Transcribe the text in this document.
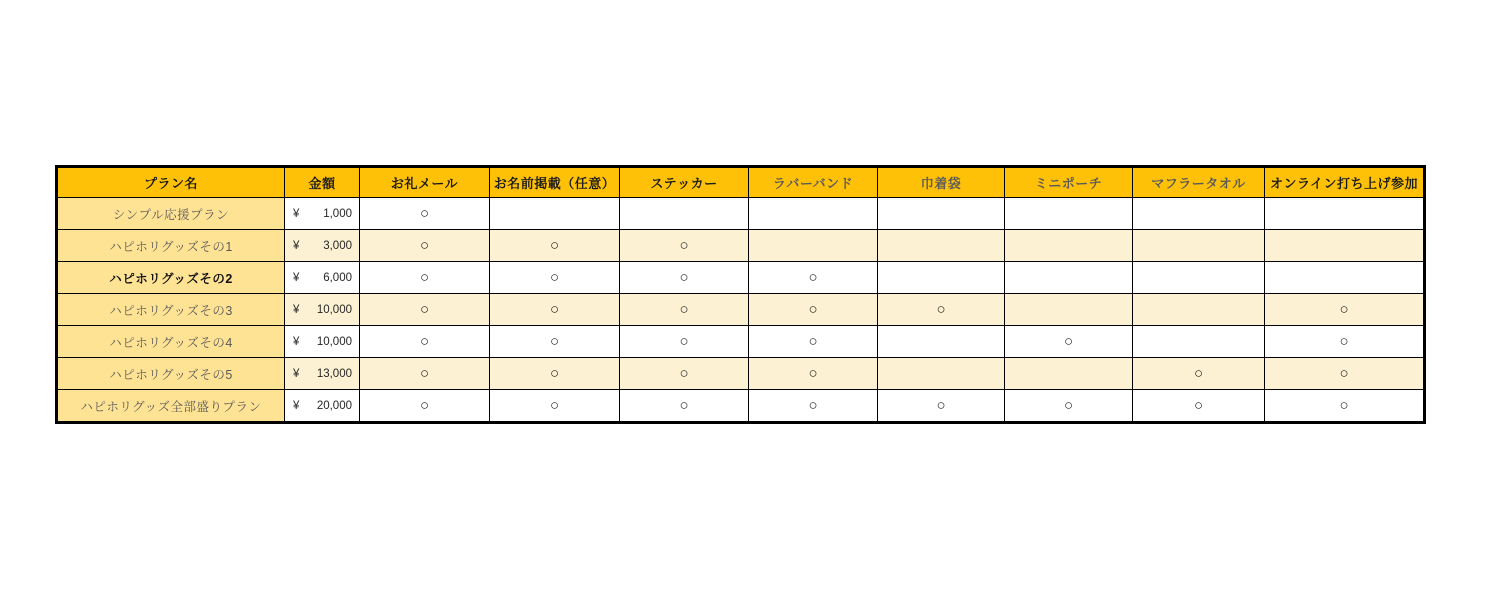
プラン名	金額	お礼メール	お名前掲載（任意）	ステッカー	ラバーバンド	巾着袋	ミニポーチ	マフラータオル	オンライン打ち上げ参加
シンプル応援プラン	¥ 1,000	○							
ハピホリグッズその1	¥ 3,000	○	○	○					
ハピホリグッズその2	¥ 6,000	○	○	○	○				
ハピホリグッズその3	¥ 10,000	○	○	○	○	○			○
ハピホリグッズその4	¥ 10,000	○	○	○	○		○		○
ハピホリグッズその5	¥ 13,000	○	○	○	○			○	○
ハピホリグッズ全部盛りプラン	¥ 20,000	○	○	○	○	○	○	○	○
